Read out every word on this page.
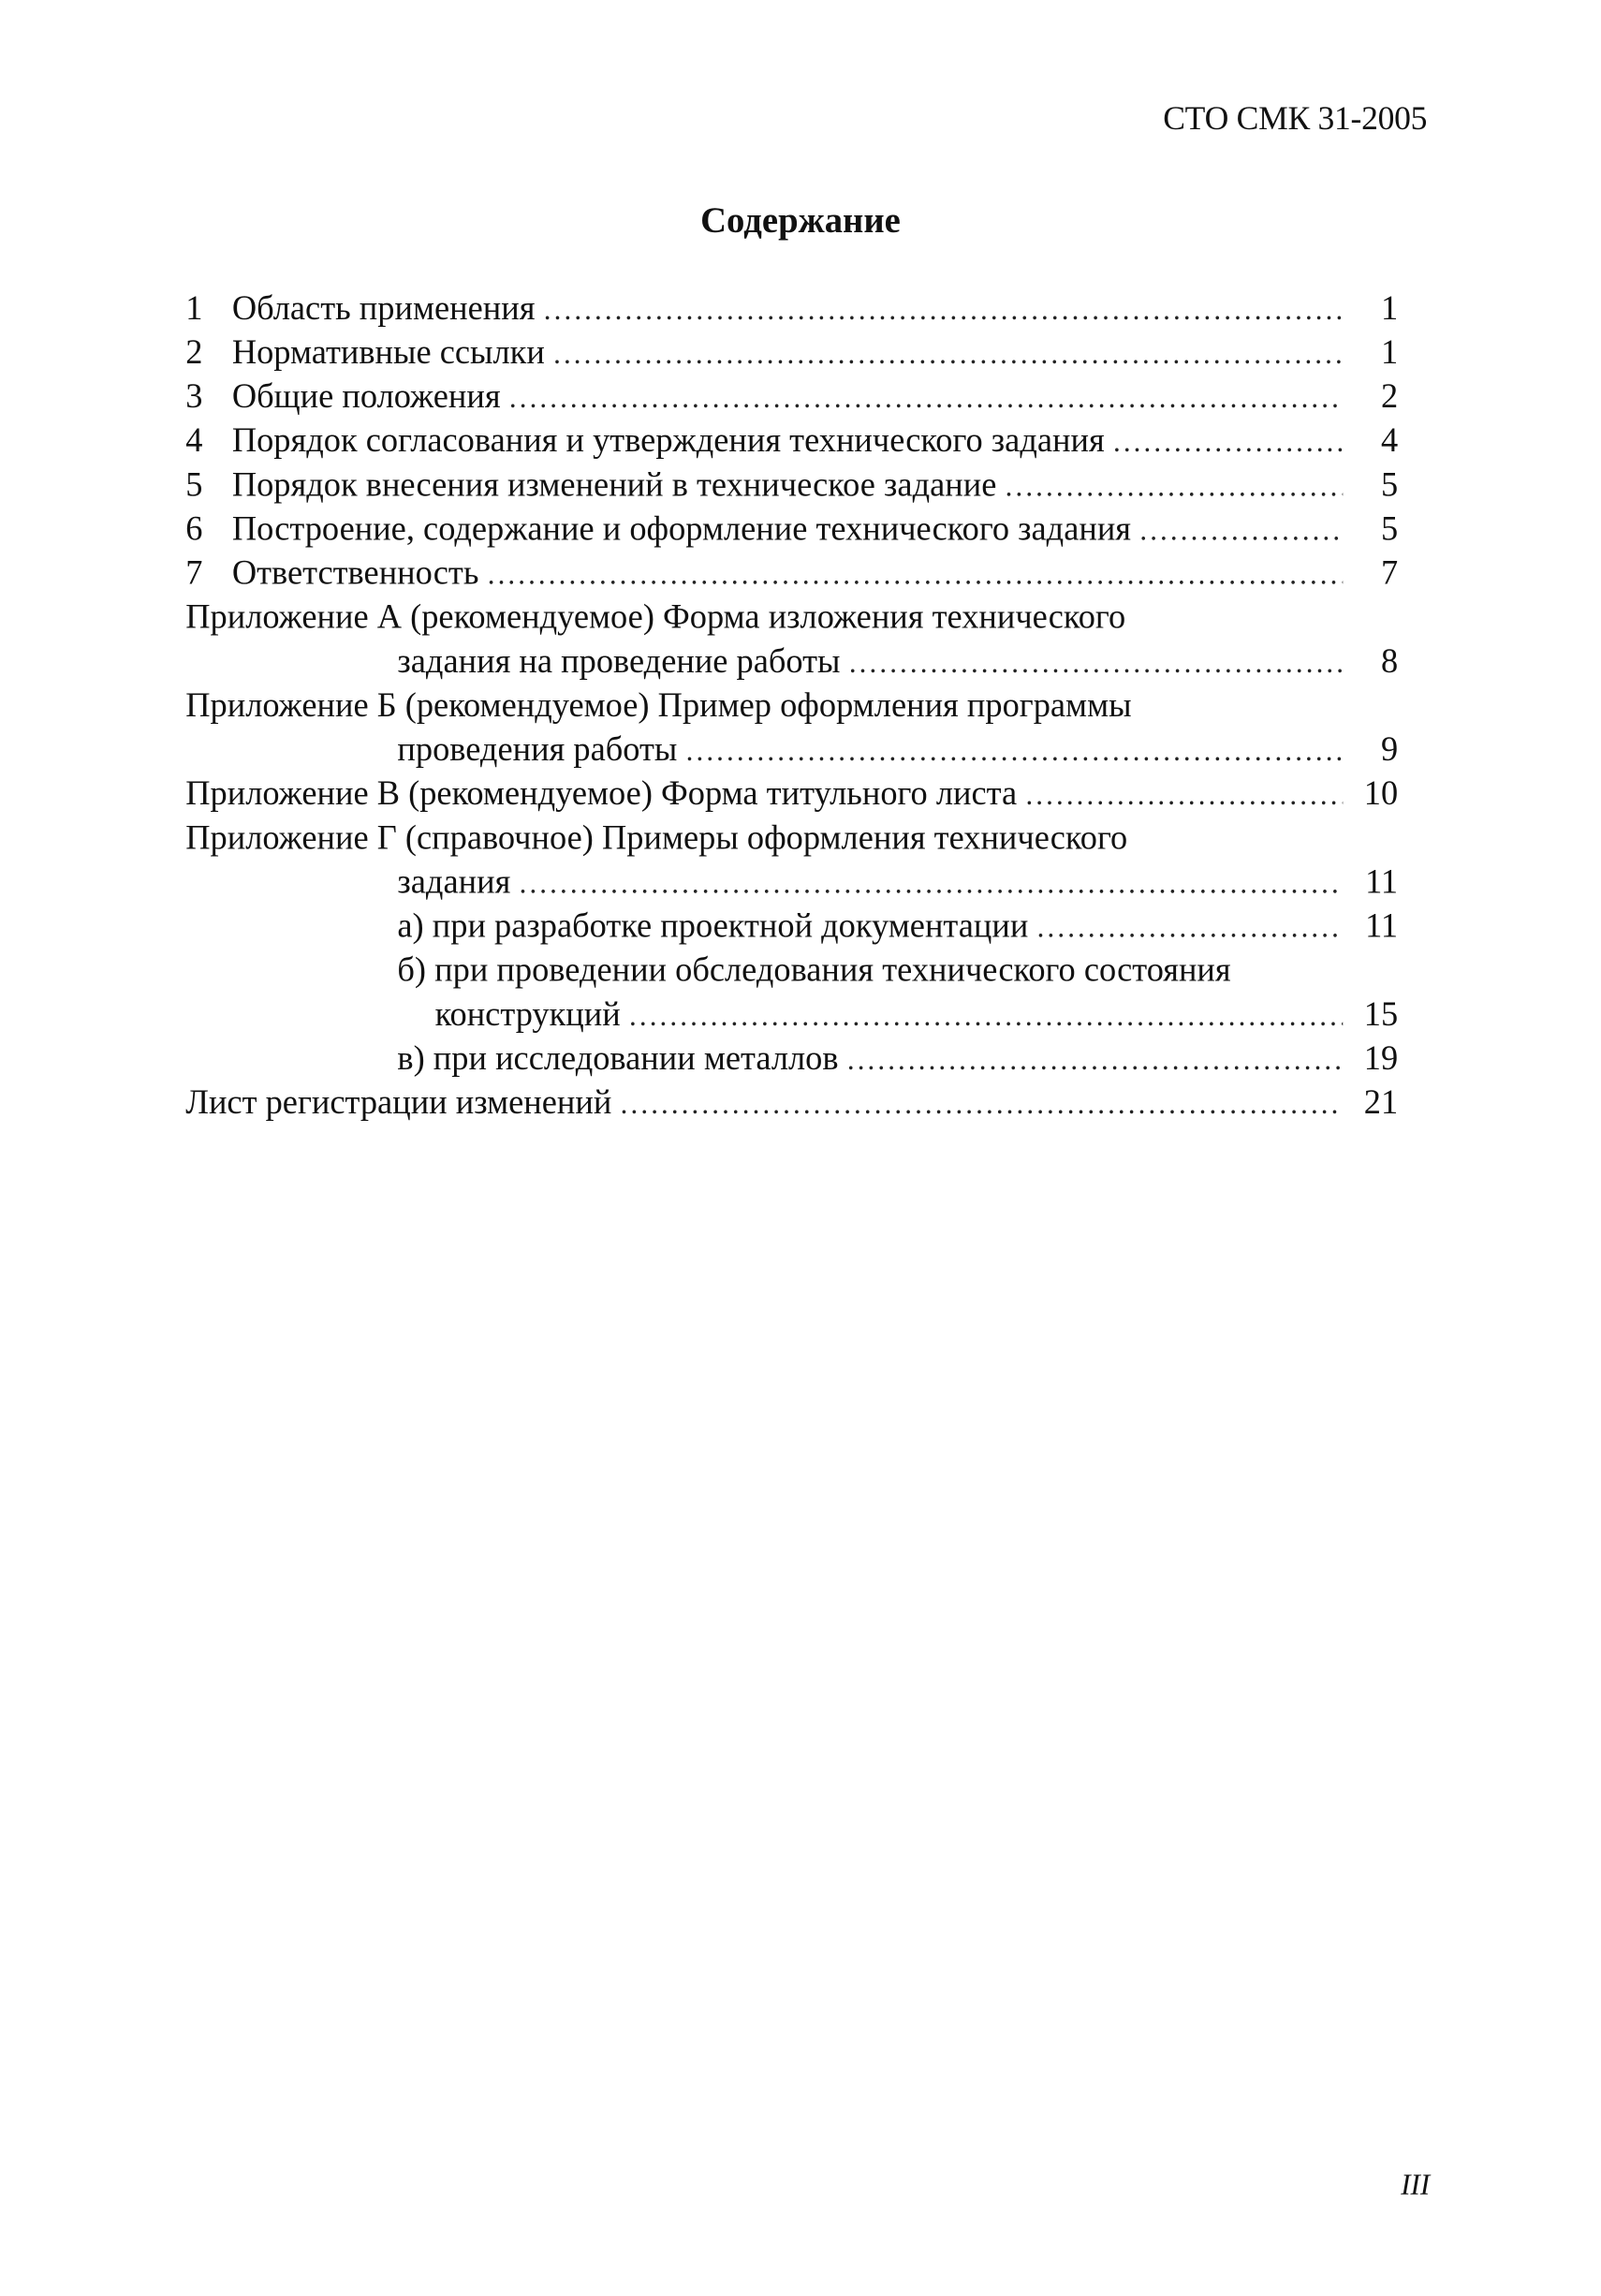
СТО СМК 31-2005
Содержание
1	Область применения .....	1
2	Нормативные ссылки .....	1
3	Общие положения .....	2
4	Порядок согласования и утверждения технического задания .....	4
5	Порядок внесения изменений в техническое задание .....	5
6	Построение, содержание и оформление технического задания .....	5
7	Ответственность .....	7
Приложение А (рекомендуемое) Форма изложения технического
задания на проведение работы .....	8
Приложение Б (рекомендуемое) Пример оформления программы
проведения работы .....	9
Приложение В (рекомендуемое) Форма титульного листа .....	10
Приложение Г (справочное) Примеры оформления технического
задания .....	11
а) при разработке проектной документации .....	11
б) при проведении обследования технического состояния
конструкций .....	15
в) при исследовании металлов .....	19
Лист регистрации изменений .....	21
III
